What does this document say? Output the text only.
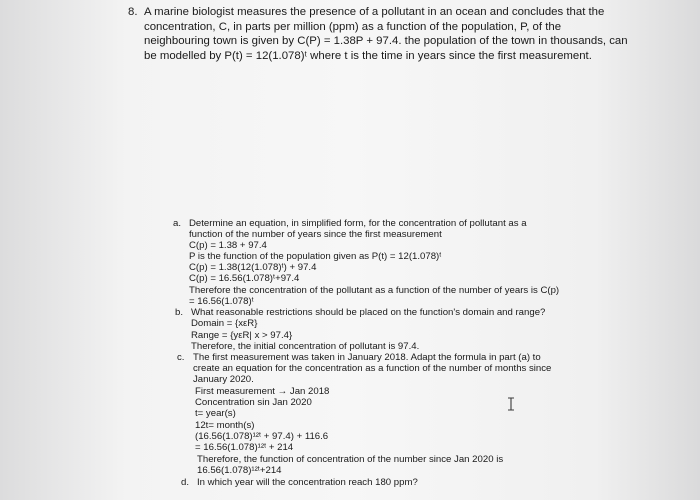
8. A marine biologist measures the presence of a pollutant in an ocean and concludes that the
concentration, C, in parts per million (ppm) as a function of the population, P, of the
neighbouring town is given by C(P) = 1.38P + 97.4. the population of the town in thousands, can
be modelled by P(t) = 12(1.078)ᵗ where t is the time in years since the first measurement.
a. Determine an equation, in simplified form, for the concentration of pollutant as a
function of the number of years since the first measurement
C(p) = 1.38 + 97.4
P is the function of the population given as P(t) = 12(1.078)ᵗ
C(p) = 1.38(12(1.078)ᵗ) + 97.4
C(p) = 16.56(1.078)ᵗ+97.4
Therefore the concentration of the pollutant as a function of the number of years is C(p)
= 16.56(1.078)ᵗ
b. What reasonable restrictions should be placed on the function's domain and range?
Domain = {xεR}
Range = {yεR| x > 97.4}
Therefore, the initial concentration of pollutant is 97.4.
c. The first measurement was taken in January 2018. Adapt the formula in part (a) to
create an equation for the concentration as a function of the number of months since
January 2020.
First measurement → Jan 2018
Concentration sin Jan 2020
t= year(s)
12t= month(s)
(16.56(1.078)¹²ᵗ + 97.4) + 116.6
= 16.56(1.078)¹²ᵗ + 214
Therefore, the function of concentration of the number since Jan 2020 is
16.56(1.078)¹²ᵗ+214
d. In which year will the concentration reach 180 ppm?
